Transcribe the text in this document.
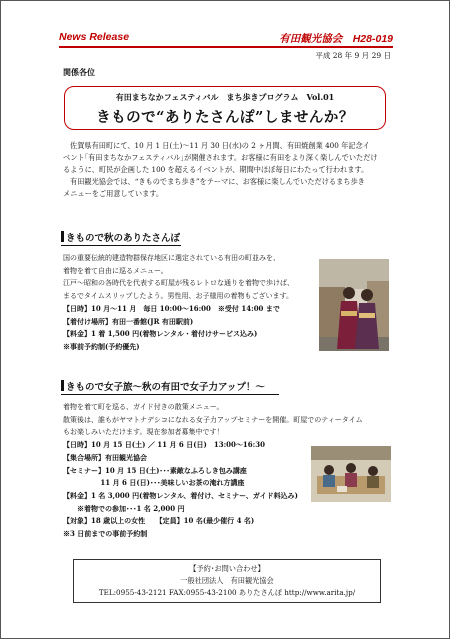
News Release	有田観光協会　H28-019
平成 28 年 9 月 29 日
関係各位
有田まちなかフェスティバル　まち歩きプログラム　Vol.01
きもので“ありたさんぽ”しませんか？
佐賀県有田町にて、10 月 1 日(土)～11 月 30 日(水)の 2 ヶ月間、有田焼創業 400 年記念イ
ベント｢有田まちなかフェスティバル｣が開催されます。お客様に有田をより深く楽しんでいただけ
るように、町民が企画した 100 を超えるイベントが、期間中ほぼ毎日にわたって行われます。
有田観光協会では、“きものでまち歩き”をテーマに、お客様に楽しんでいただけるまち歩き
メニューをご用意しています。
きもので秋のありたさんぽ
国の重要伝統的建造物群保存地区に選定されている有田の町並みを、
着物を着て自由に巡るメニュー。
江戸～昭和の各時代を代表する町屋が残るレトロな通りを着物で歩けば、
まるでタイムスリップしたよう。男性用、お子様用の着物もございます。
【日時】10 月～11 月　毎日 10:00～16:00　※受付 14:00 まで
【着付け場所】有田一番館(JR 有田駅前)
【料金】1 着 1,500 円(着物レンタル・着付けサービス込み)
※事前予約制(予約優先)
きもので女子旅～秋の有田で女子力アップ！～
着物を着て町を巡る、ガイド付きの散策メニュー。
散策後は、誰もがヤマトナデシコになれる女子力アップセミナーを開催。町屋でのティータイム
もお楽しみいただけます。現在参加者募集中です！
【日時】10 月 15 日(土) ／ 11 月 6 日(日)　13:00～16:30
【集合場所】有田観光協会
【セミナー】10 月 15 日(土)･･･素敵なふろしき包み講座
　　　　　 11 月 6 日(日)･･･美味しいお茶の淹れ方講座
【料金】1 名 3,000 円(着物レンタル、着付け、セミナー、ガイド料込み)
　　※着物での参加･･･1 名 2,000 円
【対象】18 歳以上の女性　　【定員】10 名(最少催行 4 名)
※3 日前までの事前予約制
【予約･お問い合わせ】
一般社団法人　有田観光協会
TEL:0955-43-2121 FAX:0955-43-2100 ありたさんぽ http://www.arita.jp/
